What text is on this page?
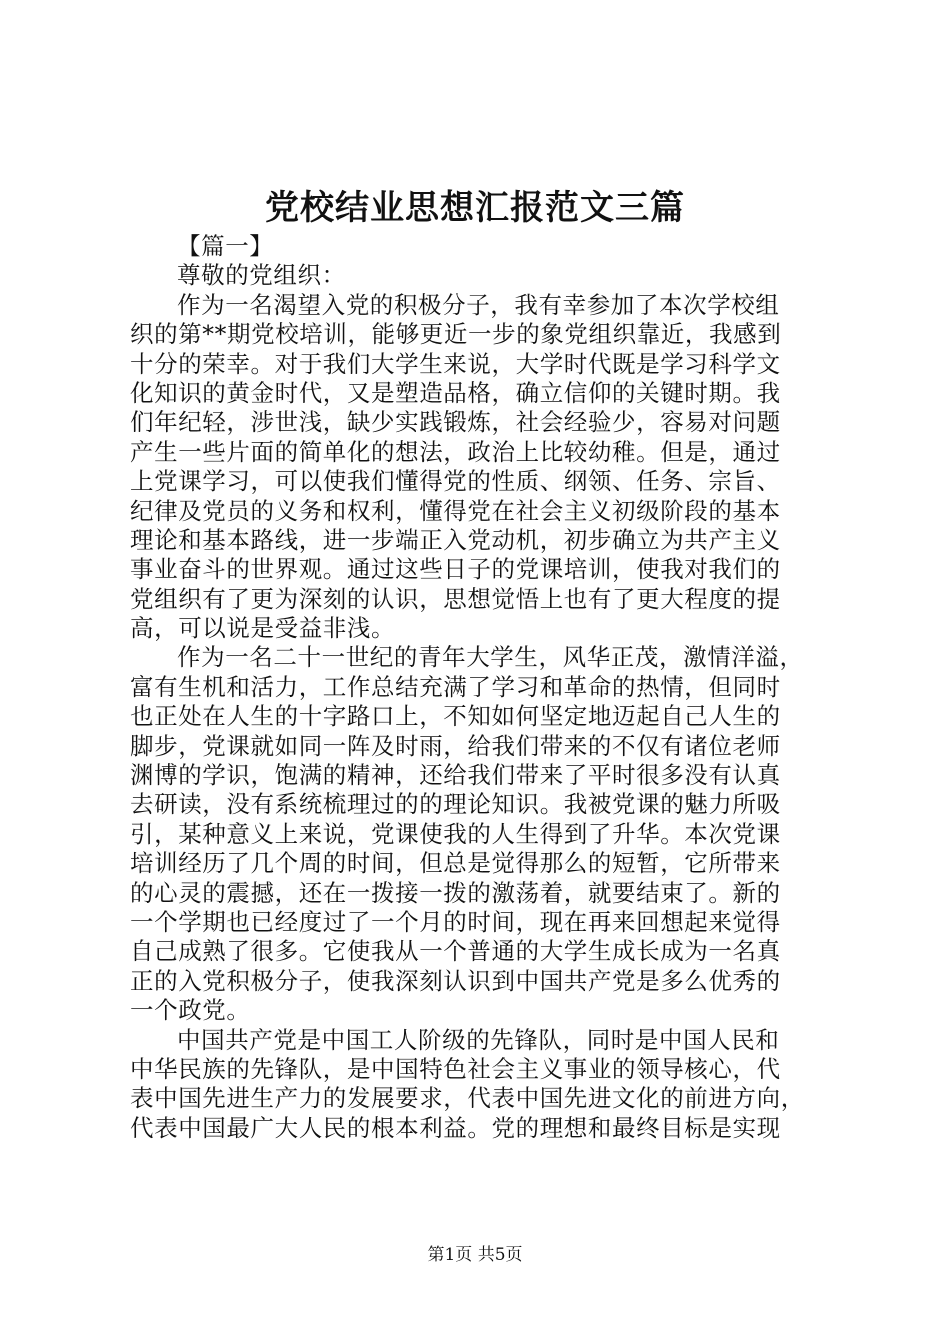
党校结业思想汇报范文三篇
【篇一】
尊敬的党组织：
作为一名渴望入党的积极分子，我有幸参加了本次学校组
织的第**期党校培训，能够更近一步的象党组织靠近，我感到
十分的荣幸。对于我们大学生来说，大学时代既是学习科学文
化知识的黄金时代，又是塑造品格，确立信仰的关键时期。我
们年纪轻，涉世浅，缺少实践锻炼，社会经验少，容易对问题
产生一些片面的简单化的想法，政治上比较幼稚。但是，通过
上党课学习，可以使我们懂得党的性质、纲领、任务、宗旨、
纪律及党员的义务和权利，懂得党在社会主义初级阶段的基本
理论和基本路线，进一步端正入党动机，初步确立为共产主义
事业奋斗的世界观。通过这些日子的党课培训，使我对我们的
党组织有了更为深刻的认识，思想觉悟上也有了更大程度的提
高，可以说是受益非浅。
作为一名二十一世纪的青年大学生，风华正茂，激情洋溢，
富有生机和活力，工作总结充满了学习和革命的热情，但同时
也正处在人生的十字路口上，不知如何坚定地迈起自己人生的
脚步，党课就如同一阵及时雨，给我们带来的不仅有诸位老师
渊博的学识，饱满的精神，还给我们带来了平时很多没有认真
去研读，没有系统梳理过的的理论知识。我被党课的魅力所吸
引，某种意义上来说，党课使我的人生得到了升华。本次党课
培训经历了几个周的时间，但总是觉得那么的短暂，它所带来
的心灵的震撼，还在一拨接一拨的激荡着，就要结束了。新的
一个学期也已经度过了一个月的时间，现在再来回想起来觉得
自己成熟了很多。它使我从一个普通的大学生成长成为一名真
正的入党积极分子，使我深刻认识到中国共产党是多么优秀的
一个政党。
中国共产党是中国工人阶级的先锋队，同时是中国人民和
中华民族的先锋队，是中国特色社会主义事业的领导核心，代
表中国先进生产力的发展要求，代表中国先进文化的前进方向，
代表中国最广大人民的根本利益。党的理想和最终目标是实现
第1页 共5页
